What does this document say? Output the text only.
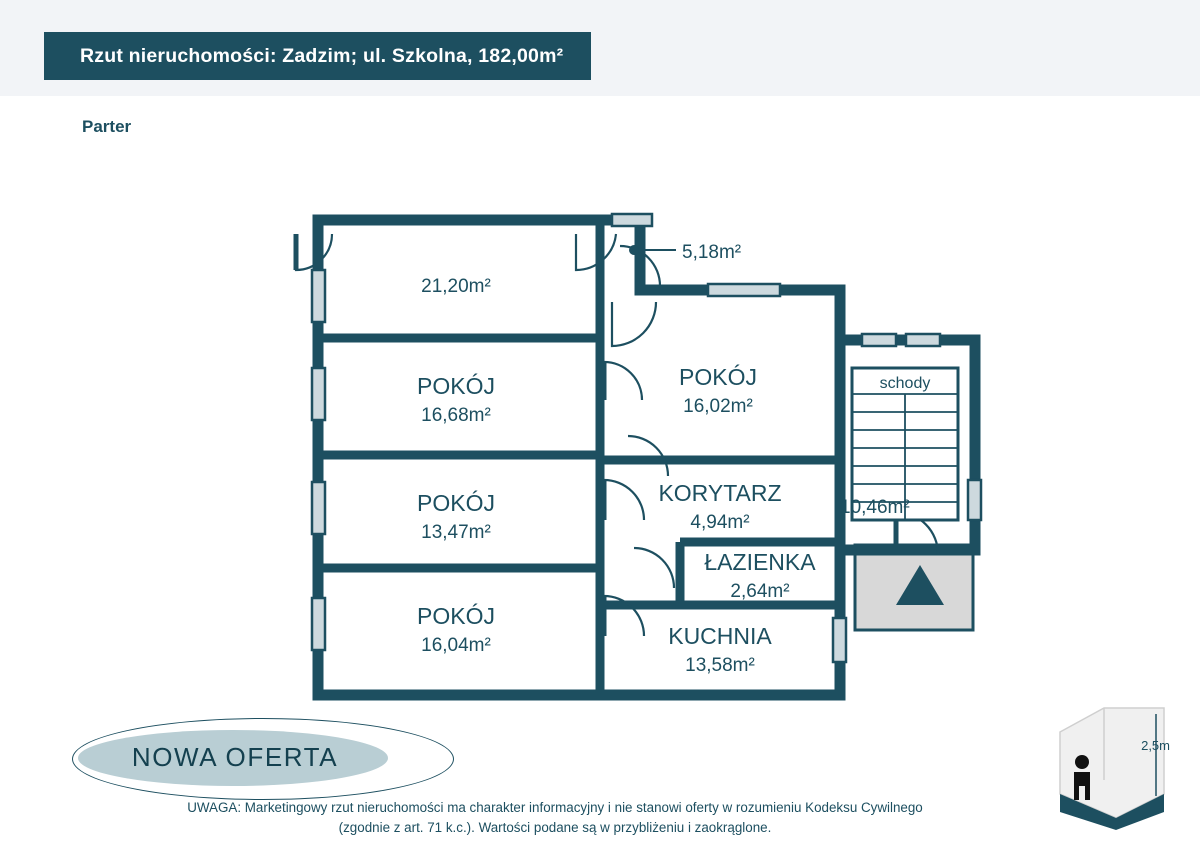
Rzut nieruchomości: Zadzim; ul. Szkolna, 182,00m²
Parter
21,20m²
5,18m²
POKÓJ
16,68m²
POKÓJ
13,47m²
POKÓJ
16,04m²
POKÓJ
16,02m²
KORYTARZ
4,94m²
ŁAZIENKA
2,64m²
KUCHNIA
13,58m²
10,46m²
schody
NOWA OFERTA	2,5m
UWAGA: Marketingowy rzut nieruchomości ma charakter informacyjny i nie stanowi oferty w rozumieniu Kodeksu Cywilnego
(zgodnie z art. 71 k.c.). Wartości podane są w przybliżeniu i zaokrąglone.
